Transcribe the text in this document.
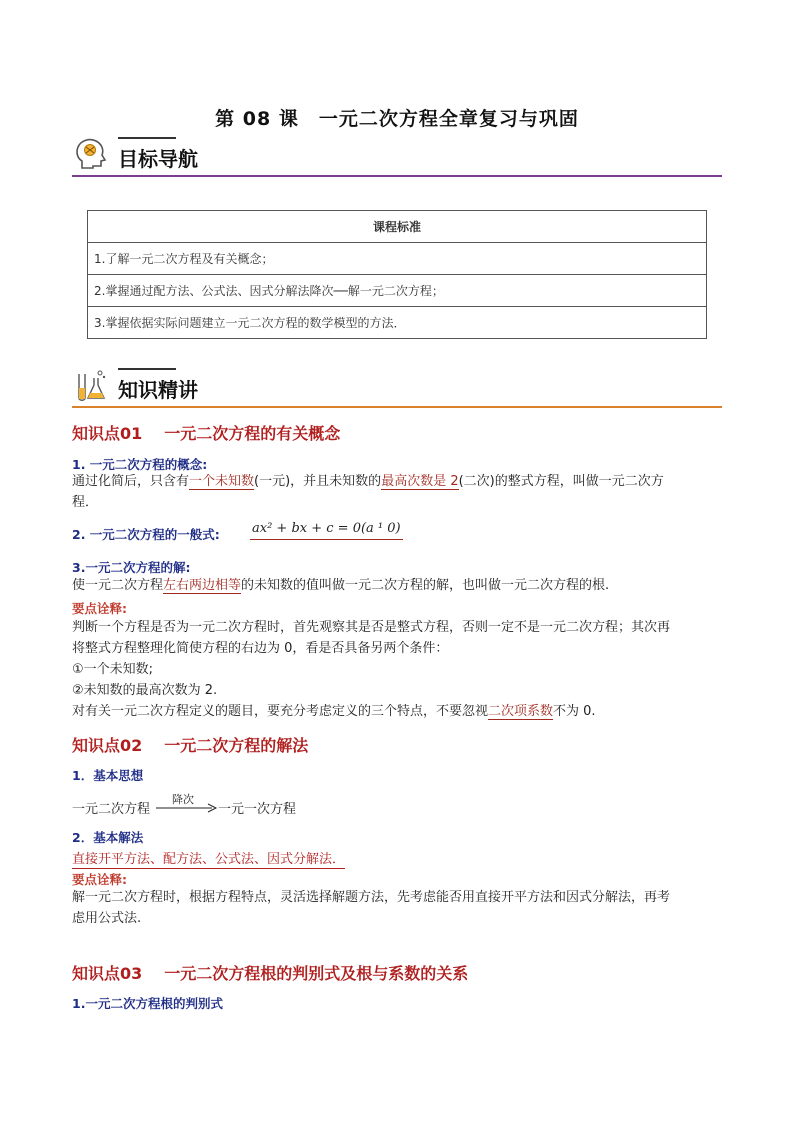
第 08 课　一元二次方程全章复习与巩固
目标导航
课程标准
1.了解一元二次方程及有关概念；
2.掌握通过配方法、公式法、因式分解法降次──解一元二次方程；
3.掌握依据实际问题建立一元二次方程的数学模型的方法．
知识精讲
知识点01 一元二次方程的有关概念
1. 一元二次方程的概念:
通过化简后，只含有一个未知数(一元)，并且未知数的最高次数是 2(二次)的整式方程，叫做一元二次方
程．
2. 一元二次方程的一般式: ax² + bx + c = 0(a ¹ 0)
3.一元二次方程的解:
使一元二次方程左右两边相等的未知数的值叫做一元二次方程的解，也叫做一元二次方程的根.
要点诠释:
判断一个方程是否为一元二次方程时，首先观察其是否是整式方程，否则一定不是一元二次方程；其次再
将整式方程整理化简使方程的右边为 0，看是否具备另两个条件：
①一个未知数;
②未知数的最高次数为 2.
对有关一元二次方程定义的题目，要充分考虑定义的三个特点，不要忽视二次项系数不为 0.
知识点02 一元二次方程的解法
1．基本思想
一元二次方程
降次
一元一次方程
2．基本解法
直接开平方法、配方法、公式法、因式分解法．
要点诠释:
解一元二次方程时，根据方程特点，灵活选择解题方法，先考虑能否用直接开平方法和因式分解法，再考
虑用公式法.
知识点03 一元二次方程根的判别式及根与系数的关系
1.一元二次方程根的判别式
